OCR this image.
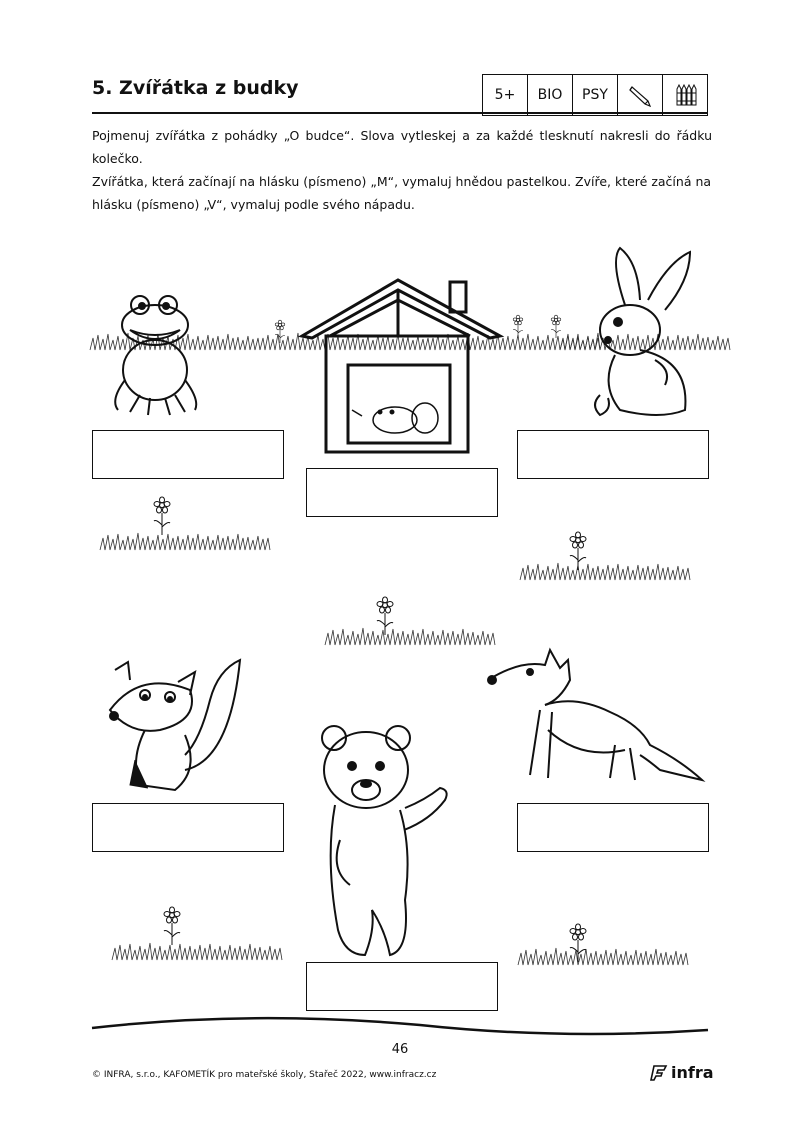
5. Zvířátka z budky	5+	BIO	PSY

Pojmenuj zvířátka z pohádky „O budce“. Slova vytleskej a za každé tlesknutí nakresli do řádku kolečko.

Zvířátka, která začínají na hlásku (písmeno) „M“, vymaluj hnědou pastelkou. Zvíře, které začíná na

hlásku (písmeno) „V“, vymaluj podle svého nápadu.

46
© INFRA, s.r.o., KAFOMETÍK pro mateřské školy, Stařeč 2022, www.infracz.cz	infra
